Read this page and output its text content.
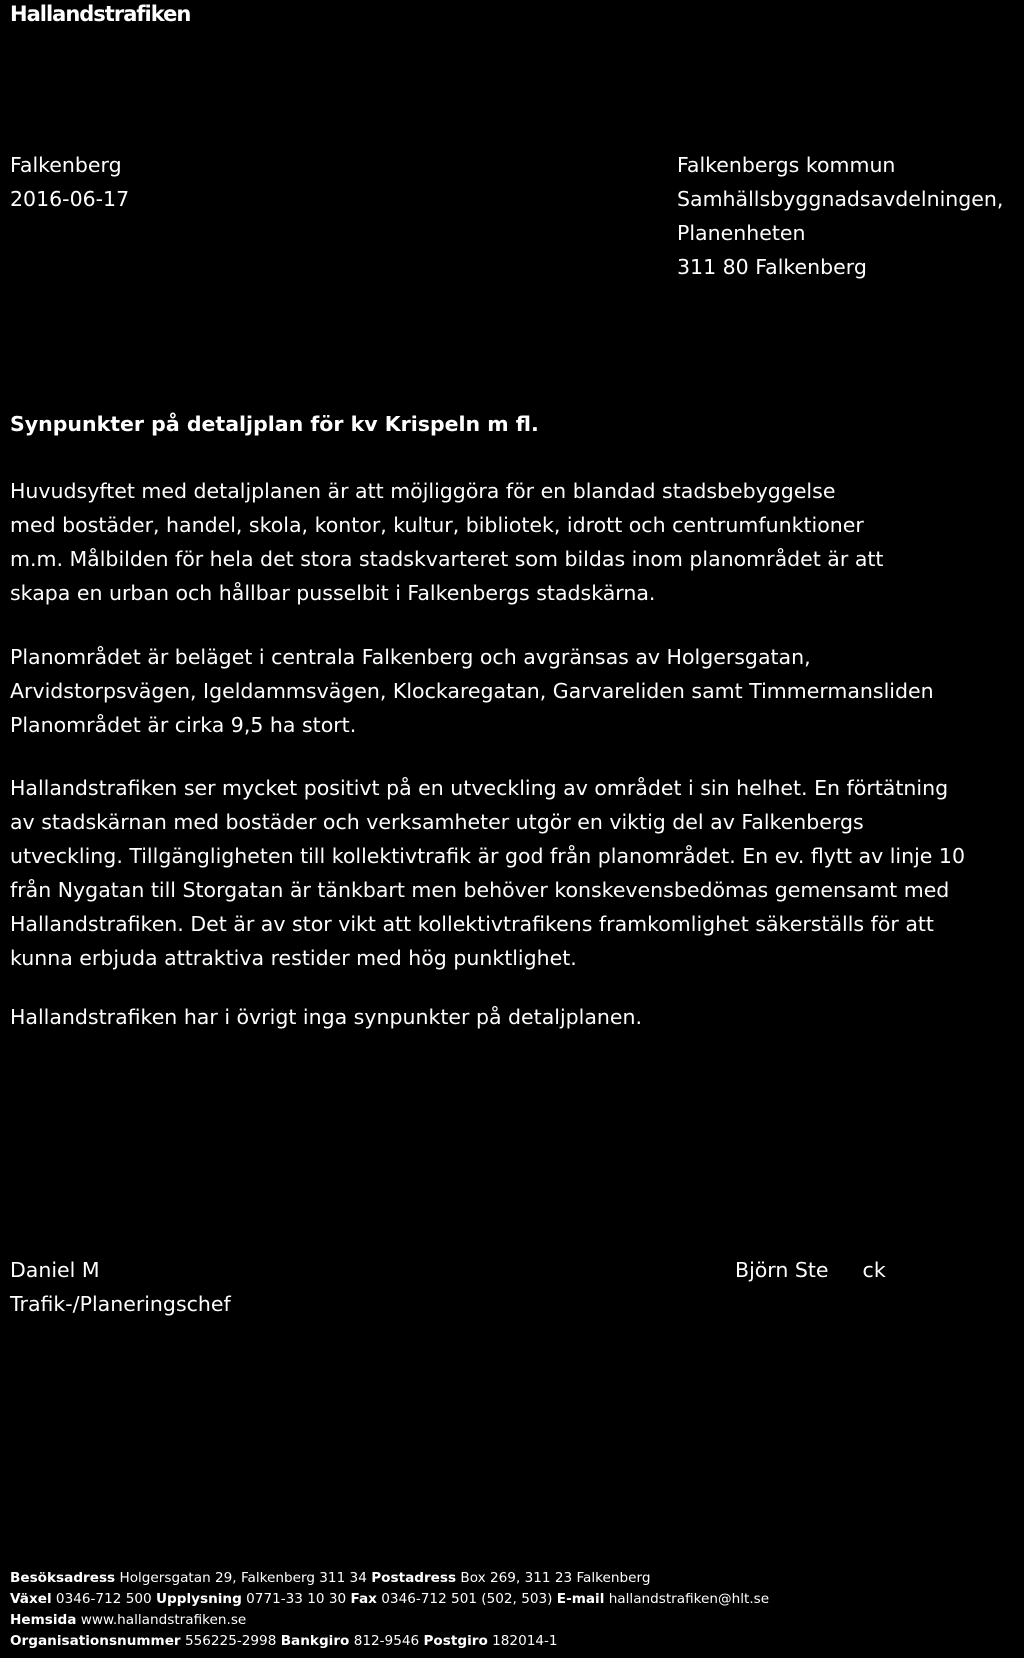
Hallandstrafiken
Falkenberg
2016-06-17
Falkenbergs kommun
Samhällsbyggnadsavdelningen,
Planenheten
311 80 Falkenberg
Synpunkter på detaljplan för kv Krispeln m fl.

Huvudsyftet med detaljplanen är att möjliggöra för en blandad stadsbebyggelse

med bostäder, handel, skola, kontor, kultur, bibliotek, idrott och centrumfunktioner

m.m. Målbilden för hela det stora stadskvarteret som bildas inom planområdet är att

skapa en urban och hållbar pusselbit i Falkenbergs stadskärna.

Planområdet är beläget i centrala Falkenberg och avgränsas av Holgersgatan,

Arvidstorpsvägen, Igeldammsvägen, Klockaregatan, Garvareliden samt Timmermansliden

Planområdet är cirka 9,5 ha stort.

Hallandstrafiken ser mycket positivt på en utveckling av området i sin helhet. En förtätning

av stadskärnan med bostäder och verksamheter utgör en viktig del av Falkenbergs

utveckling. Tillgängligheten till kollektivtrafik är god från planområdet. En ev. flytt av linje 10

från Nygatan till Storgatan är tänkbart men behöver konskevensbedömas gemensamt med

Hallandstrafiken. Det är av stor vikt att kollektivtrafikens framkomlighet säkerställs för att

kunna erbjuda attraktiva restider med hög punktlighet.

Hallandstrafiken har i övrigt inga synpunkter på detaljplanen.

Daniel M
Trafik-/Planeringschef
Björn Ste ck
Besöksadress Holgersgatan 29, Falkenberg 311 34 Postadress Box 269, 311 23 Falkenberg
Växel 0346-712 500 Upplysning 0771-33 10 30 Fax 0346-712 501 (502, 503) E-mail hallandstrafiken@hlt.se
Hemsida www.hallandstrafiken.se
Organisationsnummer 556225-2998 Bankgiro 812-9546 Postgiro 182014-1
